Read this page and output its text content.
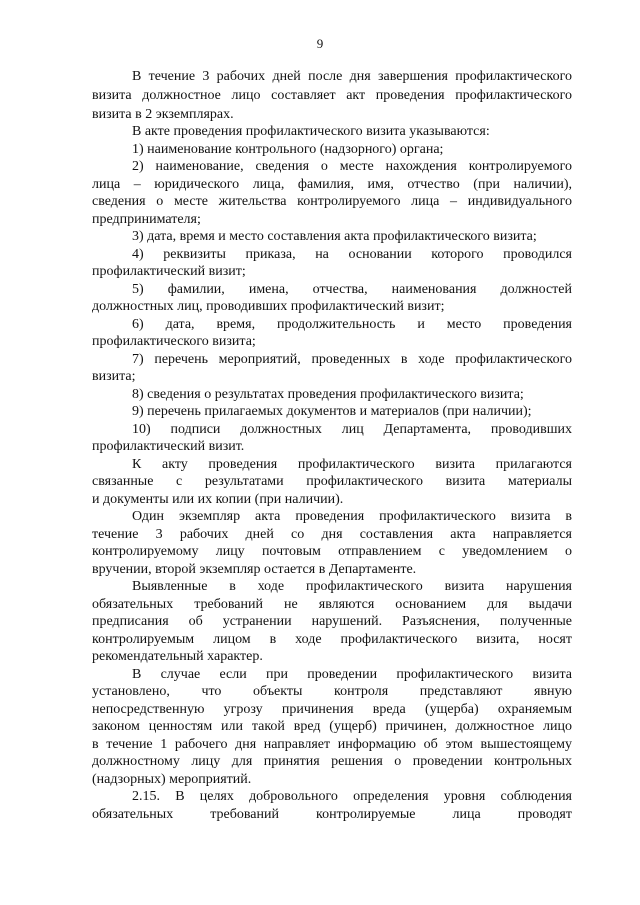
9
В течение 3 рабочих дней после дня завершения профилактического
визита должностное лицо составляет акт проведения профилактического
визита в 2 экземплярах.
В акте проведения профилактического визита указываются:
1) наименование контрольного (надзорного) органа;
2) наименование, сведения о месте нахождения контролируемого
лица – юридического лица, фамилия, имя, отчество (при наличии),
сведения о месте жительства контролируемого лица – индивидуального
предпринимателя;
3) дата, время и место составления акта профилактического визита;
4) реквизиты приказа, на основании которого проводился
профилактический визит;
5) фамилии, имена, отчества, наименования должностей
должностных лиц, проводивших профилактический визит;
6) дата, время, продолжительность и место проведения
профилактического визита;
7) перечень мероприятий, проведенных в ходе профилактического
визита;
8) сведения о результатах проведения профилактического визита;
9) перечень прилагаемых документов и материалов (при наличии);
10) подписи должностных лиц Департамента, проводивших
профилактический визит.
К акту проведения профилактического визита прилагаются
связанные с результатами профилактического визита материалы
и документы или их копии (при наличии).
Один экземпляр акта проведения профилактического визита в
течение 3 рабочих дней со дня составления акта направляется
контролируемому лицу почтовым отправлением с уведомлением о
вручении, второй экземпляр остается в Департаменте.
Выявленные в ходе профилактического визита нарушения
обязательных требований не являются основанием для выдачи
предписания об устранении нарушений. Разъяснения, полученные
контролируемым лицом в ходе профилактического визита, носят
рекомендательный характер.
В случае если при проведении профилактического визита
установлено, что объекты контроля представляют явную
непосредственную угрозу причинения вреда (ущерба) охраняемым
законом ценностям или такой вред (ущерб) причинен, должностное лицо
в течение 1 рабочего дня направляет информацию об этом вышестоящему
должностному лицу для принятия решения о проведении контрольных
(надзорных) мероприятий.
2.15. В целях добровольного определения уровня соблюдения
обязательных требований контролируемые лица проводят
